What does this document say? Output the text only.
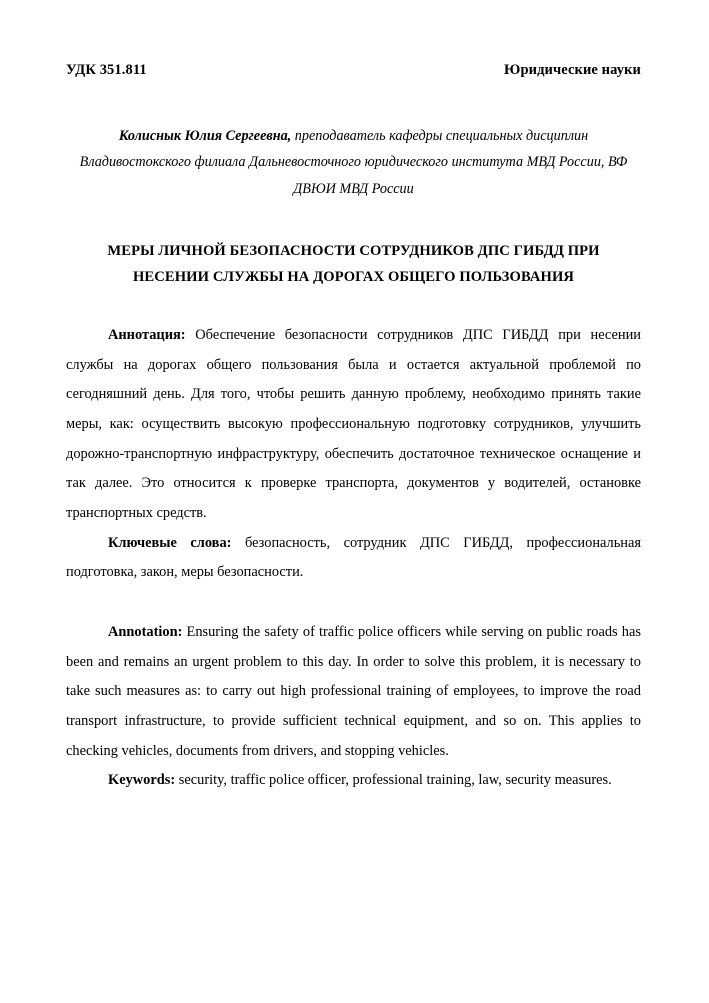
УДК 351.811	Юридические науки
Колиснык Юлия Сергеевна, преподаватель кафедры специальных дисциплин Владивостокского филиала Дальневосточного юридического института МВД России, ВФ ДВЮИ МВД России
МЕРЫ ЛИЧНОЙ БЕЗОПАСНОСТИ СОТРУДНИКОВ ДПС ГИБДД ПРИ НЕСЕНИИ СЛУЖБЫ НА ДОРОГАХ ОБЩЕГО ПОЛЬЗОВАНИЯ

Аннотация: Обеспечение безопасности сотрудников ДПС ГИБДД при несении службы на дорогах общего пользования была и остается актуальной проблемой по сегодняшний день. Для того, чтобы решить данную проблему, необходимо принять такие меры, как: осуществить высокую профессиональную подготовку сотрудников, улучшить дорожно-транспортную инфраструктуру, обеспечить достаточное техническое оснащение и так далее. Это относится к проверке транспорта, документов у водителей, остановке транспортных средств.

Ключевые слова: безопасность, сотрудник ДПС ГИБДД, профессиональная подготовка, закон, меры безопасности.

Annotation: Ensuring the safety of traffic police officers while serving on public roads has been and remains an urgent problem to this day. In order to solve this problem, it is necessary to take such measures as: to carry out high professional training of employees, to improve the road transport infrastructure, to provide sufficient technical equipment, and so on. This applies to checking vehicles, documents from drivers, and stopping vehicles.

Keywords: security, traffic police officer, professional training, law, security measures.
